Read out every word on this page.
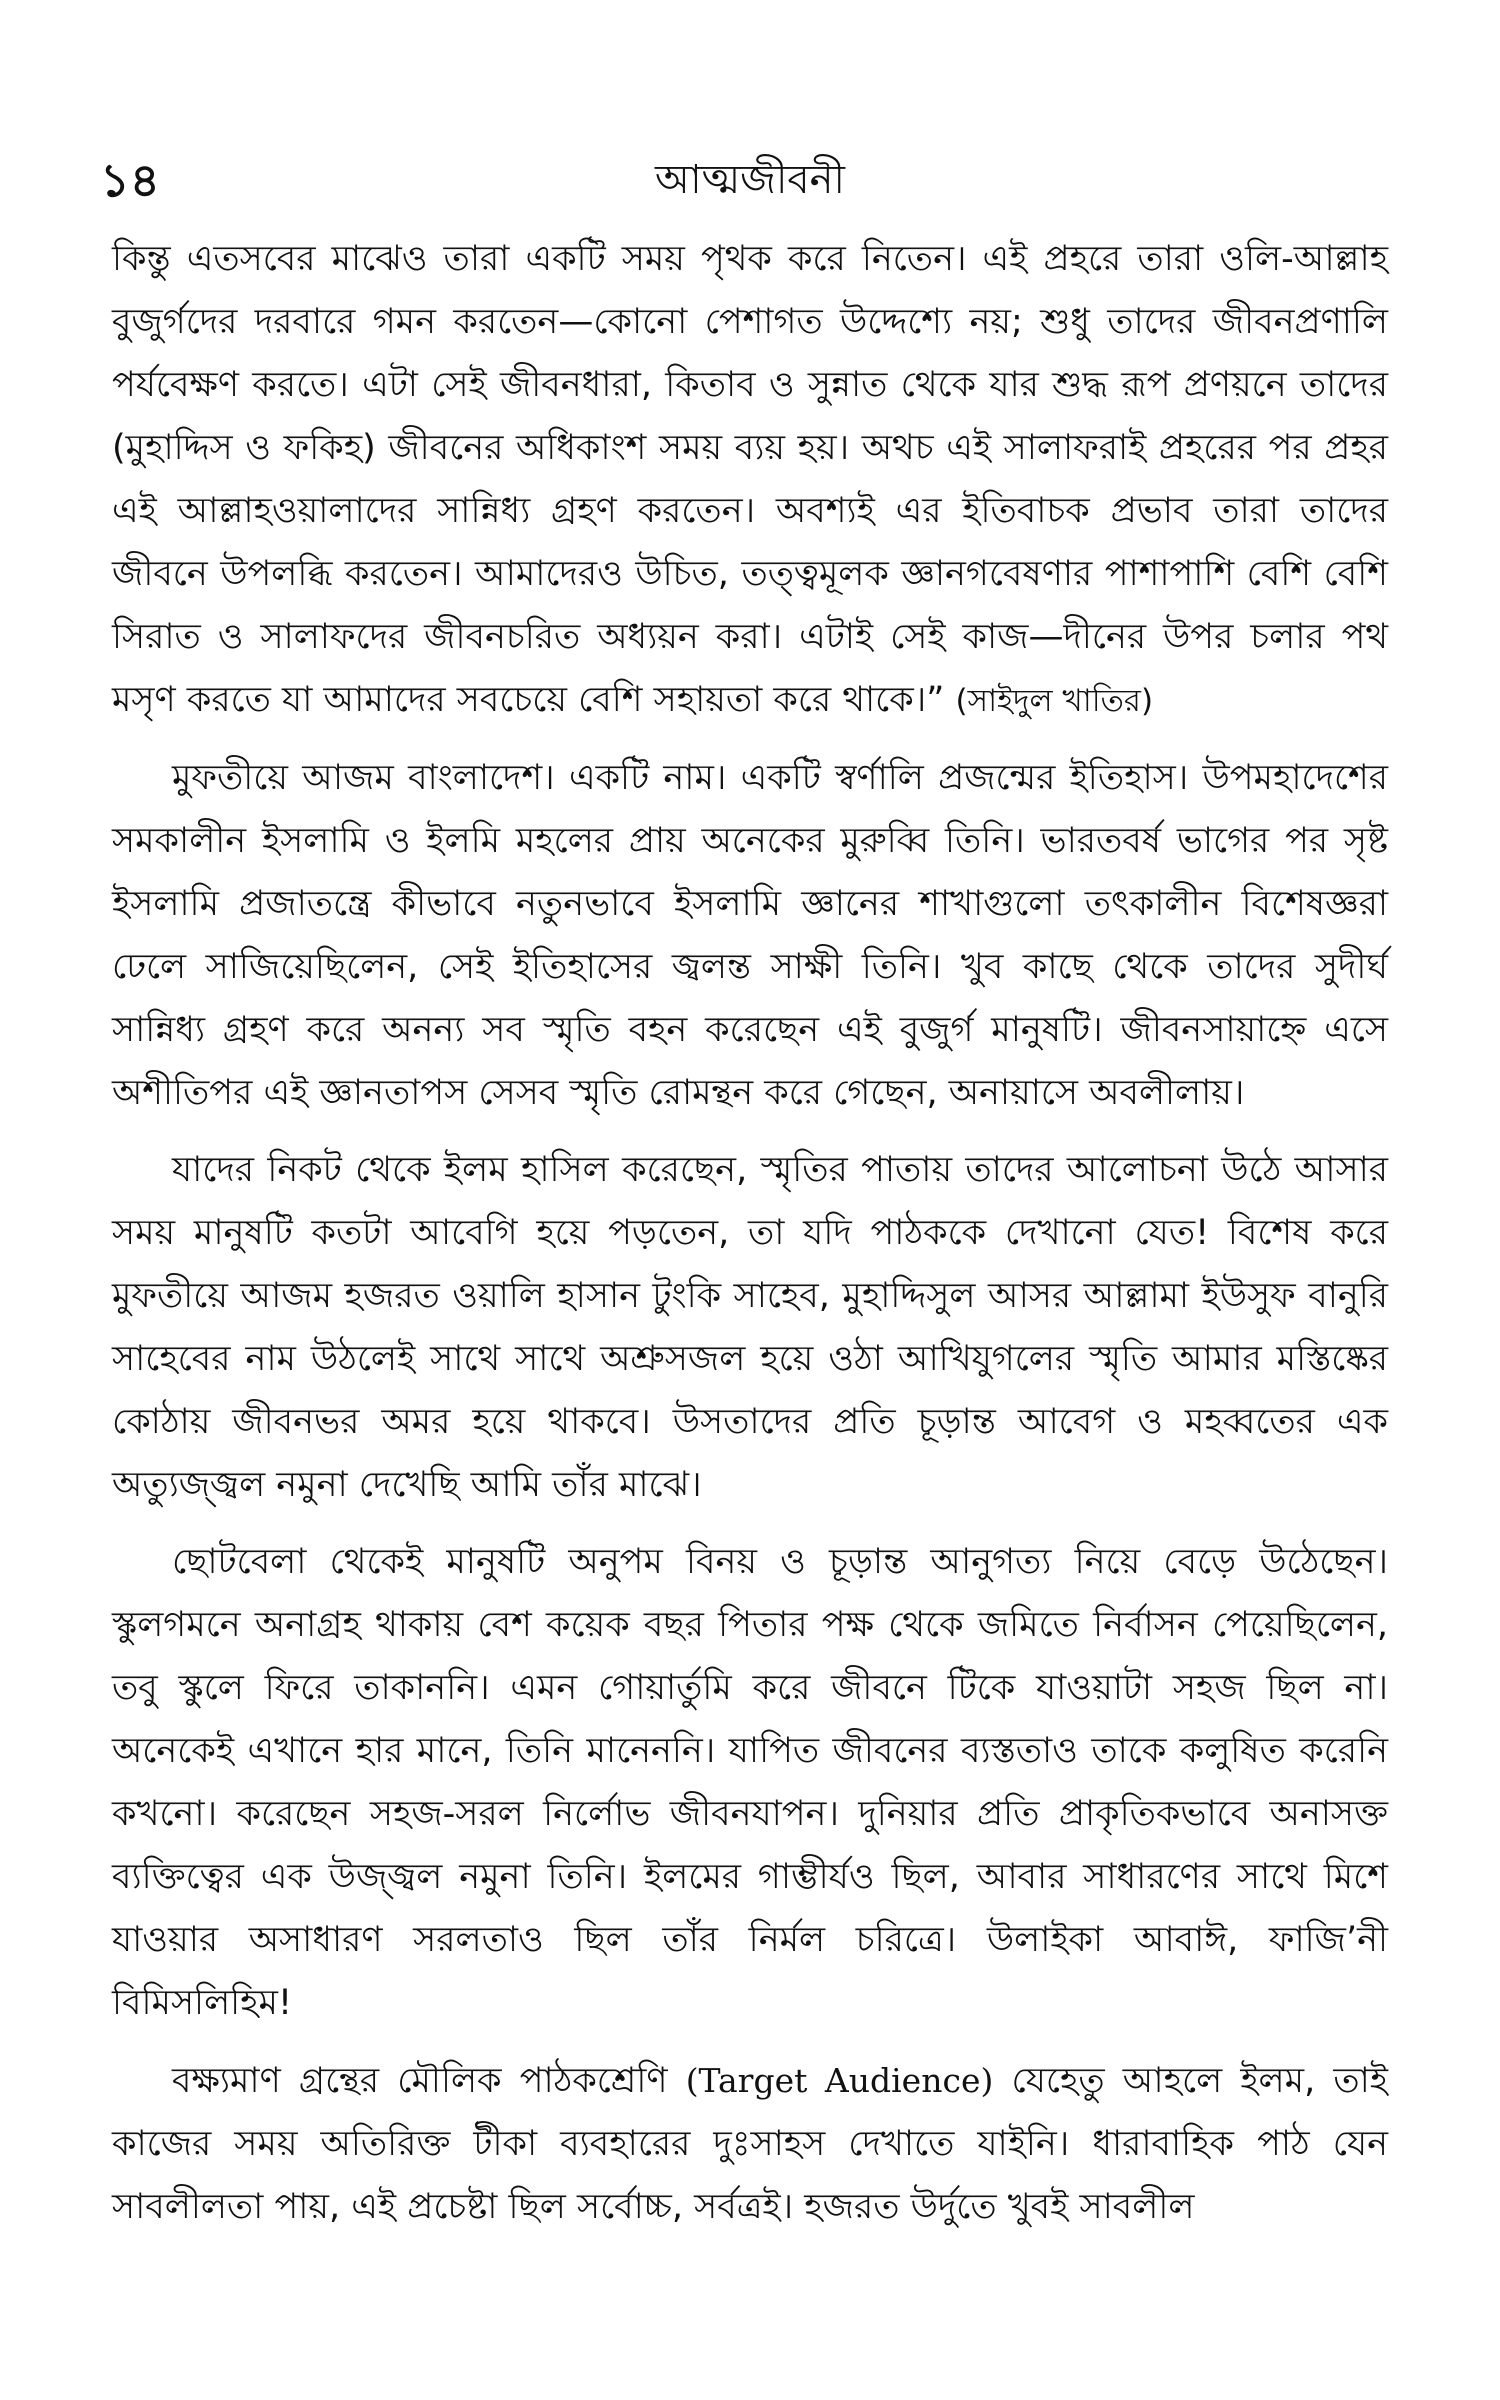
১৪	আত্মজীবনী

কিন্তু এতসবের মাঝেও তারা একটি সময় পৃথক করে নিতেন। এই প্রহরে তারা ওলি-আল্লাহ বুজুর্গদের দরবারে গমন করতেন—কোনো পেশাগত উদ্দেশ্যে নয়; শুধু তাদের জীবনপ্রণালি পর্যবেক্ষণ করতে। এটা সেই জীবনধারা, কিতাব ও সুন্নাত থেকে যার শুদ্ধ রূপ প্রণয়নে তাদের (মুহাদ্দিস ও ফকিহ) জীবনের অধিকাংশ সময় ব্যয় হয়। অথচ এই সালাফরাই প্রহরের পর প্রহর এই আল্লাহওয়ালাদের সান্নিধ্য গ্রহণ করতেন। অবশ্যই এর ইতিবাচক প্রভাব তারা তাদের জীবনে উপলব্ধি করতেন। আমাদেরও উচিত, তত্ত্বমূলক জ্ঞানগবেষণার পাশাপাশি বেশি বেশি সিরাত ও সালাফদের জীবনচরিত অধ্যয়ন করা। এটাই সেই কাজ—দীনের উপর চলার পথ মসৃণ করতে যা আমাদের সবচেয়ে বেশি সহায়তা করে থাকে।” (সাইদুল খাতির)

মুফতীয়ে আজম বাংলাদেশ। একটি নাম। একটি স্বর্ণালি প্রজন্মের ইতিহাস। উপমহাদেশের সমকালীন ইসলামি ও ইলমি মহলের প্রায় অনেকের মুরুব্বি তিনি। ভারতবর্ষ ভাগের পর সৃষ্ট ইসলামি প্রজাতন্ত্রে কীভাবে নতুনভাবে ইসলামি জ্ঞানের শাখাগুলো তৎকালীন বিশেষজ্ঞরা ঢেলে সাজিয়েছিলেন, সেই ইতিহাসের জ্বলন্ত সাক্ষী তিনি। খুব কাছে থেকে তাদের সুদীর্ঘ সান্নিধ্য গ্রহণ করে অনন্য সব স্মৃতি বহন করেছেন এই বুজুর্গ মানুষটি। জীবনসায়াহ্নে এসে অশীতিপর এই জ্ঞানতাপস সেসব স্মৃতি রোমন্থন করে গেছেন, অনায়াসে অবলীলায়।

যাদের নিকট থেকে ইলম হাসিল করেছেন, স্মৃতির পাতায় তাদের আলোচনা উঠে আসার সময় মানুষটি কতটা আবেগি হয়ে পড়তেন, তা যদি পাঠককে দেখানো যেত! বিশেষ করে মুফতীয়ে আজম হজরত ওয়ালি হাসান টুংকি সাহেব, মুহাদ্দিসুল আসর আল্লামা ইউসুফ বানুরি সাহেবের নাম উঠলেই সাথে সাথে অশ্রুসজল হয়ে ওঠা আখিযুগলের স্মৃতি আমার মস্তিষ্কের কোঠায় জীবনভর অমর হয়ে থাকবে। উসতাদের প্রতি চূড়ান্ত আবেগ ও মহব্বতের এক অত্যুজ্জ্বল নমুনা দেখেছি আমি তাঁর মাঝে।

ছোটবেলা থেকেই মানুষটি অনুপম বিনয় ও চূড়ান্ত আনুগত্য নিয়ে বেড়ে উঠেছেন। স্কুলগমনে অনাগ্রহ থাকায় বেশ কয়েক বছর পিতার পক্ষ থেকে জমিতে নির্বাসন পেয়েছিলেন, তবু স্কুলে ফিরে তাকাননি। এমন গোয়ার্তুমি করে জীবনে টিকে যাওয়াটা সহজ ছিল না। অনেকেই এখানে হার মানে, তিনি মানেননি। যাপিত জীবনের ব্যস্ততাও তাকে কলুষিত করেনি কখনো। করেছেন সহজ-সরল নির্লোভ জীবনযাপন। দুনিয়ার প্রতি প্রাকৃতিকভাবে অনাসক্ত ব্যক্তিত্বের এক উজ্জ্বল নমুনা তিনি। ইলমের গাম্ভীর্যও ছিল, আবার সাধারণের সাথে মিশে যাওয়ার অসাধারণ সরলতাও ছিল তাঁর নির্মল চরিত্রে। উলাইকা আবাঈ, ফাজি’নী বিমিসলিহিম!

বক্ষ্যমাণ গ্রন্থের মৌলিক পাঠকশ্রেণি (Target Audience) যেহেতু আহলে ইলম, তাই কাজের সময় অতিরিক্ত টীকা ব্যবহারের দুঃসাহস দেখাতে যাইনি। ধারাবাহিক পাঠ যেন সাবলীলতা পায়, এই প্রচেষ্টা ছিল সর্বোচ্চ, সর্বত্রই। হজরত উর্দুতে খুবই সাবলীল
